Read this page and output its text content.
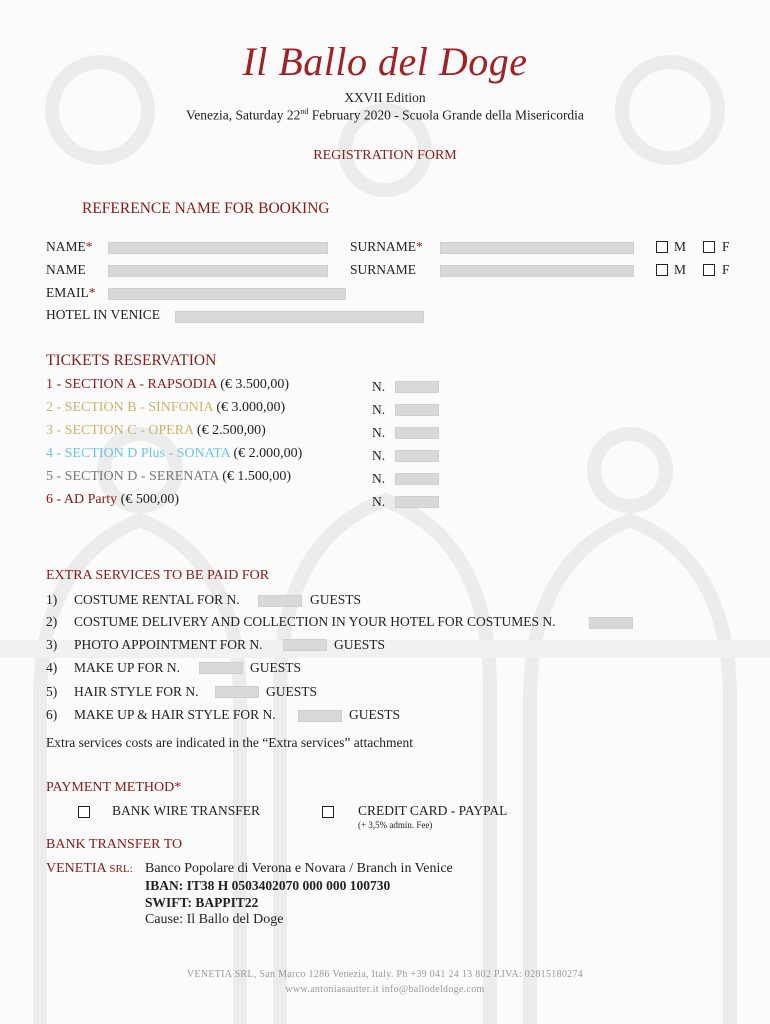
Il Ballo del Doge
XXVII Edition
Venezia, Saturday 22nd February 2020 - Scuola Grande della Misericordia
REGISTRATION FORM
REFERENCE NAME FOR BOOKING
NAME*	SURNAME*	M	F
NAME	SURNAME	M	F
EMAIL*
HOTEL IN VENICE
TICKETS RESERVATION
1 - SECTION A - RAPSODIA (€ 3.500,00)	N.
2 - SECTION B - SINFONIA (€ 3.000,00)	N.
3 - SECTION C - OPERA (€ 2.500,00)	N.
4 - SECTION D Plus - SONATA (€ 2.000,00)	N.
5 - SECTION D - SERENATA (€ 1.500,00)	N.
6 - AD Party (€ 500,00)	N.
EXTRA SERVICES TO BE PAID FOR
1) COSTUME RENTAL FOR N.	GUESTS
2) COSTUME DELIVERY AND COLLECTION IN YOUR HOTEL FOR COSTUMES N.
3) PHOTO APPOINTMENT FOR N.	GUESTS
4) MAKE UP FOR N.	GUESTS
5) HAIR STYLE FOR N.	GUESTS
6) MAKE UP & HAIR STYLE FOR N.	GUESTS
Extra services costs are indicated in the “Extra services” attachment
PAYMENT METHOD*
BANK WIRE TRANSFER	CREDIT CARD - PAYPAL
(+ 3,5% admin. Fee)
BANK TRANSFER TO
VENETIA SRL: Banco Popolare di Verona e Novara / Branch in Venice
IBAN: IT38 H 0503402070 000 000 100730
SWIFT: BAPPIT22
Cause: Il Ballo del Doge
VENETIA SRL, San Marco 1286 Venezia, Italy. Ph +39 041 24 13 802 P.IVA: 02815180274
www.antoniasautter.it info@ballodeldoge.com
